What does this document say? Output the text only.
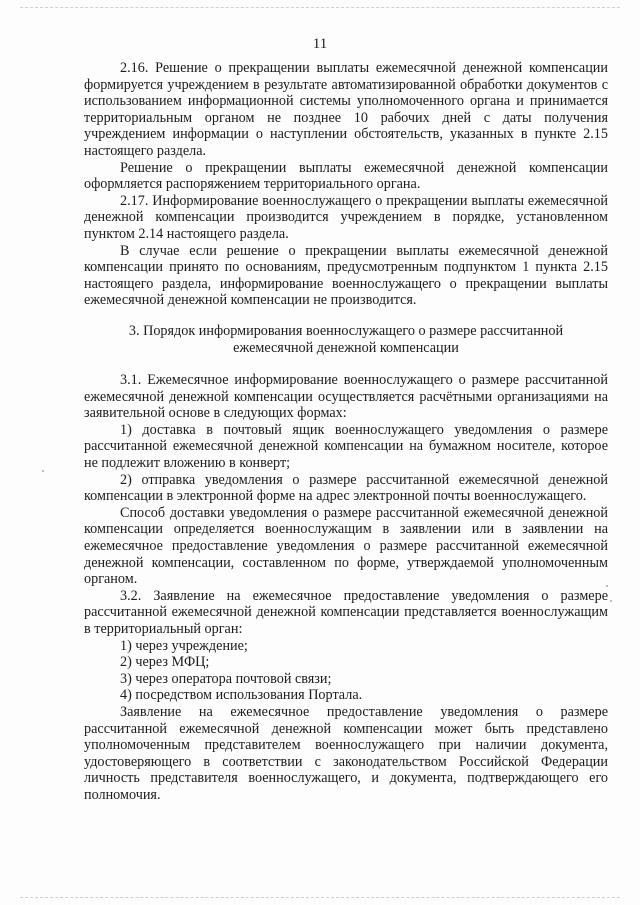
11

2.16. Решение о прекращении выплаты ежемесячной денежной компенсации формируется учреждением в результате автоматизированной обработки документов с использованием информационной системы уполномоченного органа и принимается территориальным органом не позднее 10 рабочих дней с даты получения учреждением информации о наступлении обстоятельств, указанных в пункте 2.15 настоящего раздела.

Решение о прекращении выплаты ежемесячной денежной компенсации оформляется распоряжением территориального органа.

2.17. Информирование военнослужащего о прекращении выплаты ежемесячной денежной компенсации производится учреждением в порядке, установленном пунктом 2.14 настоящего раздела.

В случае если решение о прекращении выплаты ежемесячной денежной компенсации принято по основаниям, предусмотренным подпунктом 1 пункта 2.15 настоящего раздела, информирование военнослужащего о прекращении выплаты ежемесячной денежной компенсации не производится.

3. Порядок информирования военнослужащего о размере рассчитанной
ежемесячной денежной компенсации

3.1. Ежемесячное информирование военнослужащего о размере рассчитанной ежемесячной денежной компенсации осуществляется расчётными организациями на заявительной основе в следующих формах:

1) доставка в почтовый ящик военнослужащего уведомления о размере рассчитанной ежемесячной денежной компенсации на бумажном носителе, которое не подлежит вложению в конверт;

2) отправка уведомления о размере рассчитанной ежемесячной денежной компенсации в электронной форме на адрес электронной почты военнослужащего.

Способ доставки уведомления о размере рассчитанной ежемесячной денежной компенсации определяется военнослужащим в заявлении или в заявлении на ежемесячное предоставление уведомления о размере рассчитанной ежемесячной денежной компенсации, составленном по форме, утверждаемой уполномоченным органом.

3.2. Заявление на ежемесячное предоставление уведомления о размере рассчитанной ежемесячной денежной компенсации представляется военнослужащим в территориальный орган:

1) через учреждение;

2) через МФЦ;

3) через оператора почтовой связи;

4) посредством использования Портала.

Заявление на ежемесячное предоставление уведомления о размере рассчитанной ежемесячной денежной компенсации может быть представлено уполномоченным представителем военнослужащего при наличии документа, удостоверяющего в соответствии с законодательством Российской Федерации личность представителя военнослужащего, и документа, подтверждающего его полномочия.
